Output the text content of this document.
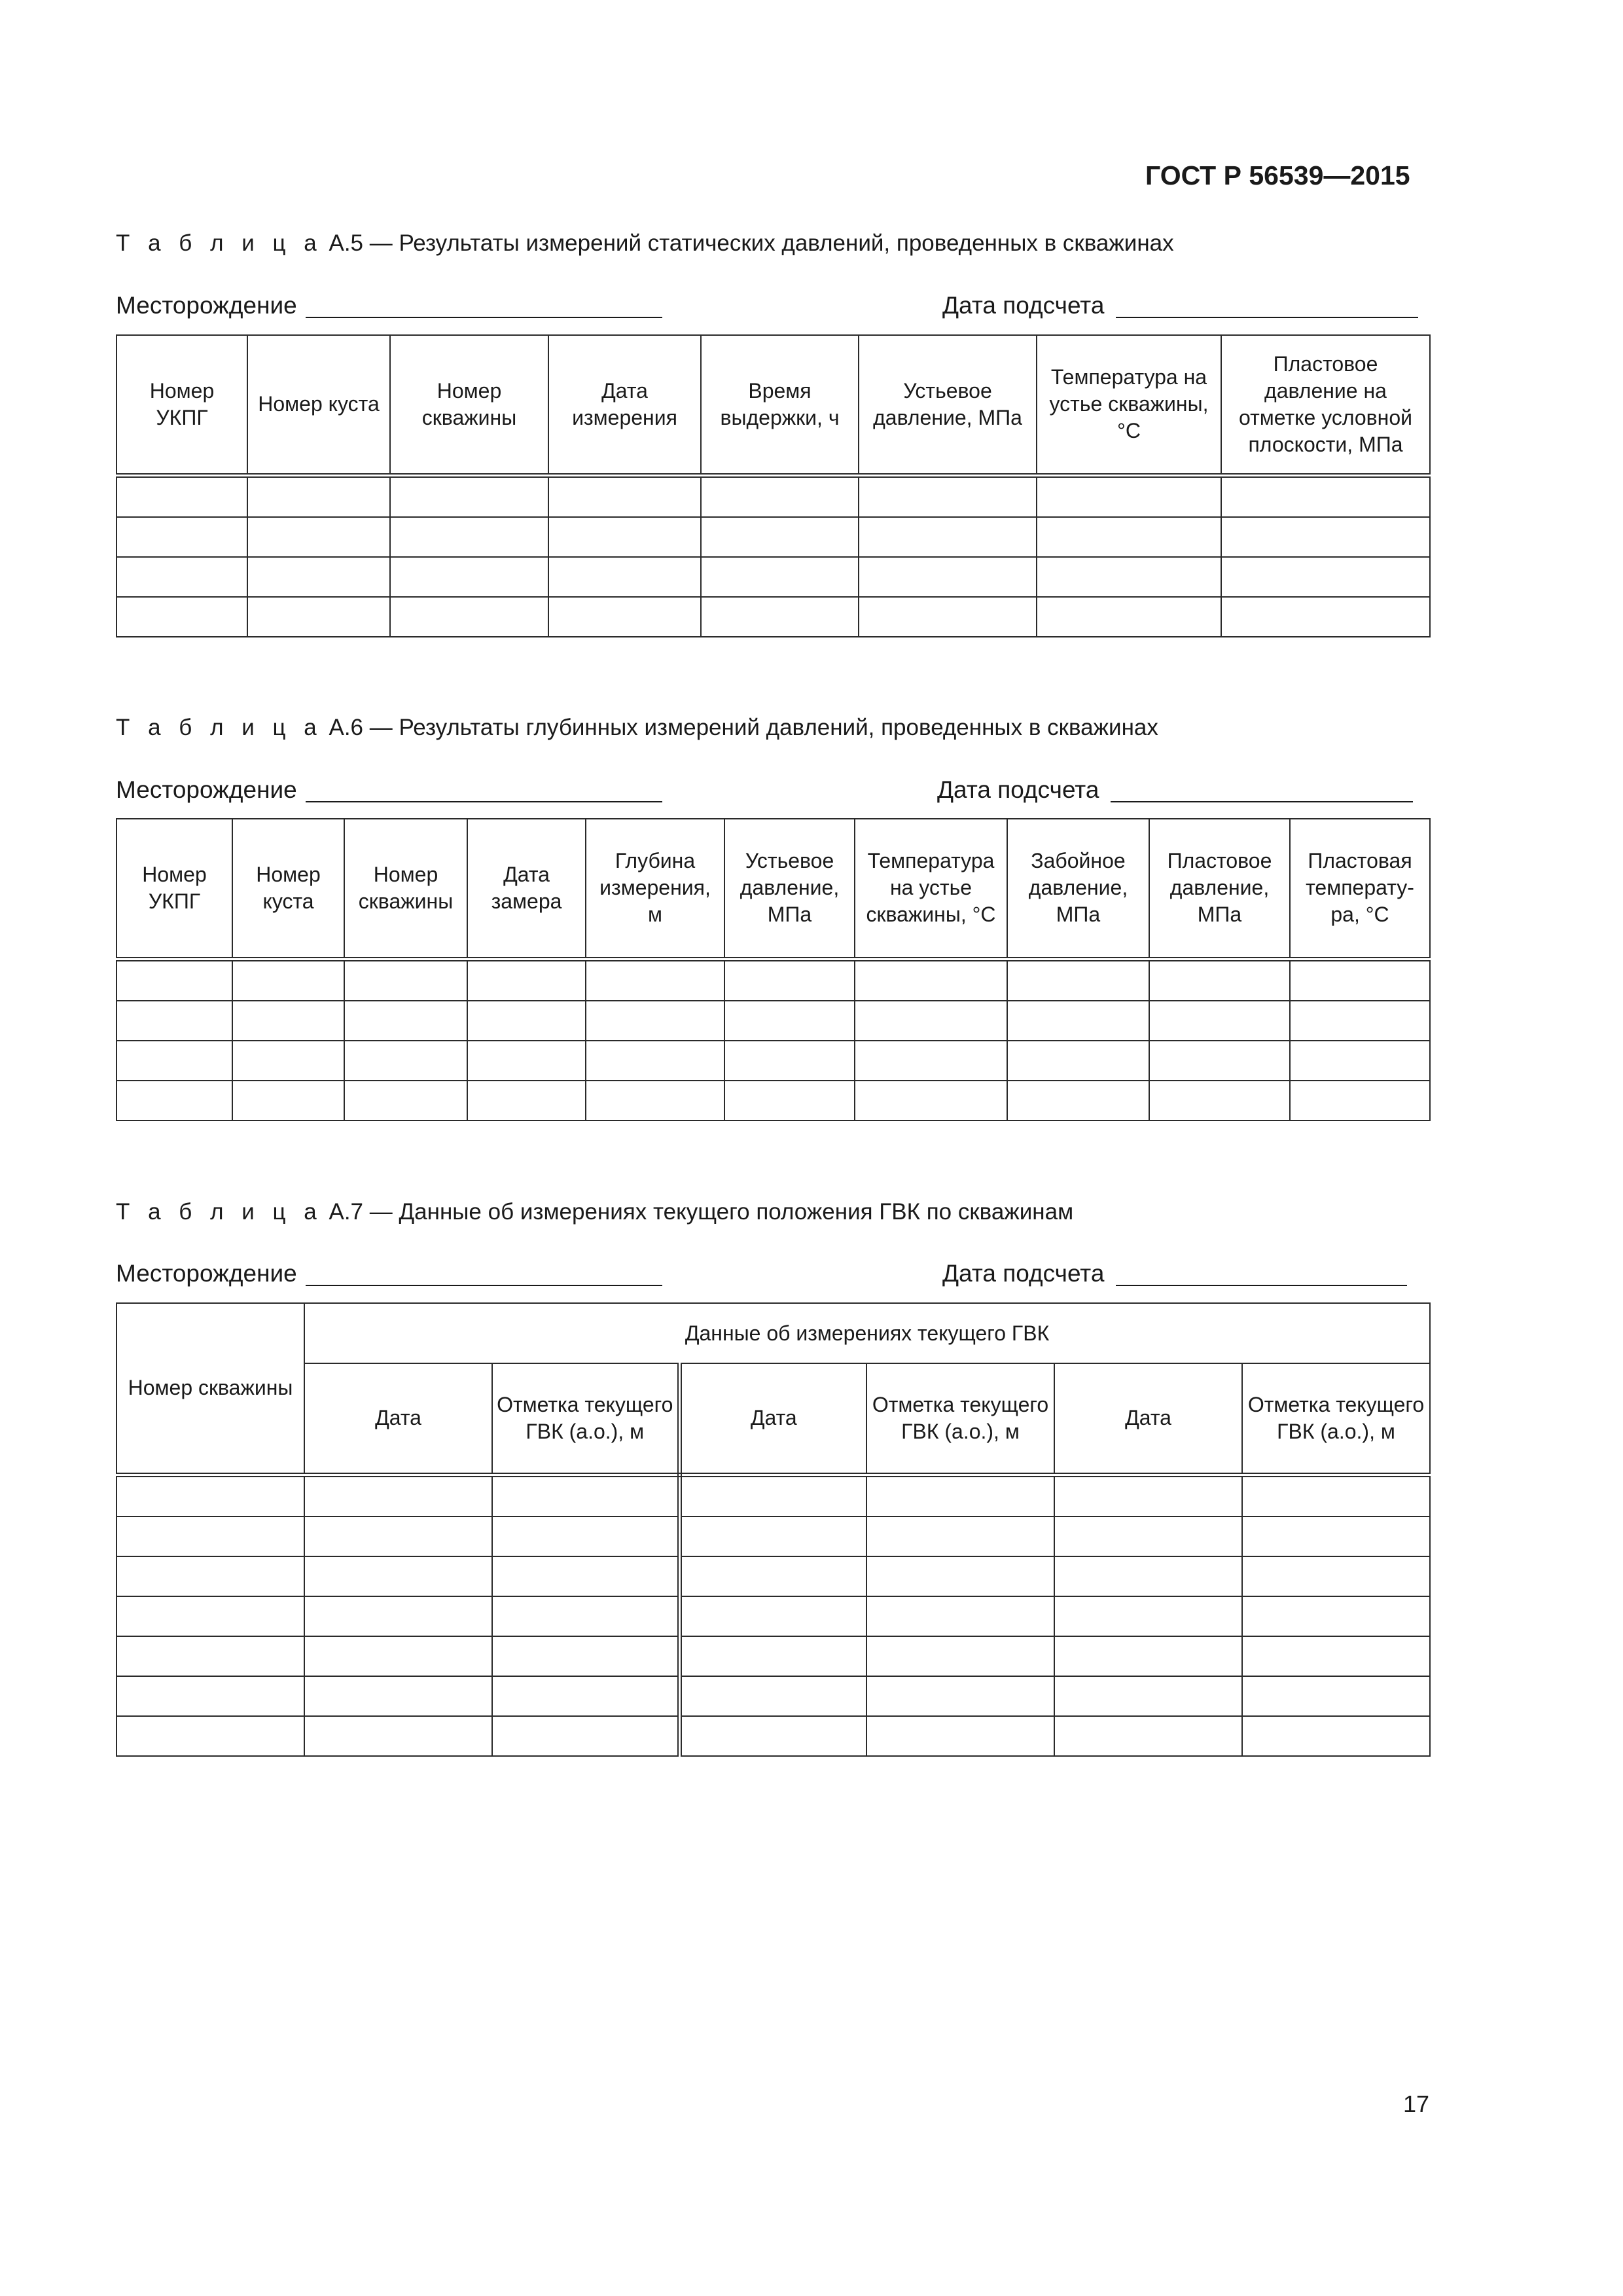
ГОСТ Р 56539—2015
Т а б л и ц а А.5 — Результаты измерений статических давлений, проведенных в скважинах
Месторождение	Дата подсчета
Номер УКПГ	Номер куста	Номер скважины	Дата измерения	Время выдержки, ч	Устьевое давление, МПа	Температура на устье скважины, °С	Пластовое давление на отметке условной плоскости, МПа

Т а б л и ц а А.6 — Результаты глубинных измерений давлений, проведенных в скважинах
Месторождение	Дата подсчета
Номер УКПГ	Номер куста	Номер скважины	Дата замера	Глубина измерения, м	Устьевое давление, МПа	Температура на устье скважины, °С	Забойное давление, МПа	Пластовое давление, МПа	Пластовая температу-ра, °С

Т а б л и ц а А.7 — Данные об измерениях текущего положения ГВК по скважинам
Месторождение	Дата подсчета
Номер скважины	Данные об измерениях текущего ГВК					
	Дата	Отметка текущего ГВК (а.о.), м	Дата	Отметка текущего ГВК (а.о.), м	Дата	Отметка текущего ГВК (а.о.), м

17
